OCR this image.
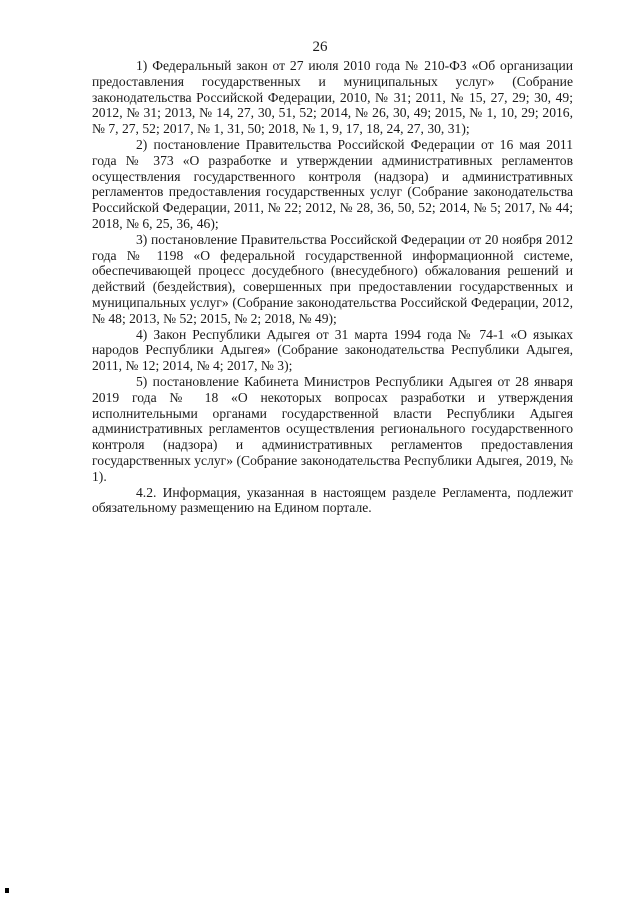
26

1) Федеральный закон от 27 июля 2010 года № 210-ФЗ «Об организации предоставления государственных и муниципальных услуг» (Собрание законодательства Российской Федерации, 2010, № 31; 2011, № 15, 27, 29; 30, 49; 2012, № 31; 2013, № 14, 27, 30, 51, 52; 2014, № 26, 30, 49; 2015, № 1, 10, 29; 2016, № 7, 27, 52; 2017, № 1, 31, 50; 2018, № 1, 9, 17, 18, 24, 27, 30, 31);

2) постановление Правительства Российской Федерации от 16 мая 2011 года № 373 «О разработке и утверждении административных регламентов осуществления государственного контроля (надзора) и административных регламентов предоставления государственных услуг (Собрание законодательства Российской Федерации, 2011, № 22; 2012, № 28, 36, 50, 52; 2014, № 5; 2017, № 44; 2018, № 6, 25, 36, 46);

3) постановление Правительства Российской Федерации от 20 ноября 2012 года № 1198 «О федеральной государственной информационной системе, обеспечивающей процесс досудебного (внесудебного) обжалования решений и действий (бездействия), совершенных при предоставлении государственных и муниципальных услуг» (Собрание законодательства Российской Федерации, 2012, № 48; 2013, № 52; 2015, № 2; 2018, № 49);

4) Закон Республики Адыгея от 31 марта 1994 года № 74-1 «О языках народов Республики Адыгея» (Собрание законодательства Республики Адыгея, 2011, № 12; 2014, № 4; 2017, № 3);

5) постановление Кабинета Министров Республики Адыгея от 28 января 2019 года № 18 «О некоторых вопросах разработки и утверждения исполнительными органами государственной власти Республики Адыгея административных регламентов осуществления регионального государственного контроля (надзора) и административных регламентов предоставления государственных услуг» (Собрание законодательства Республики Адыгея, 2019, № 1).

4.2. Информация, указанная в настоящем разделе Регламента, подлежит обязательному размещению на Едином портале.
